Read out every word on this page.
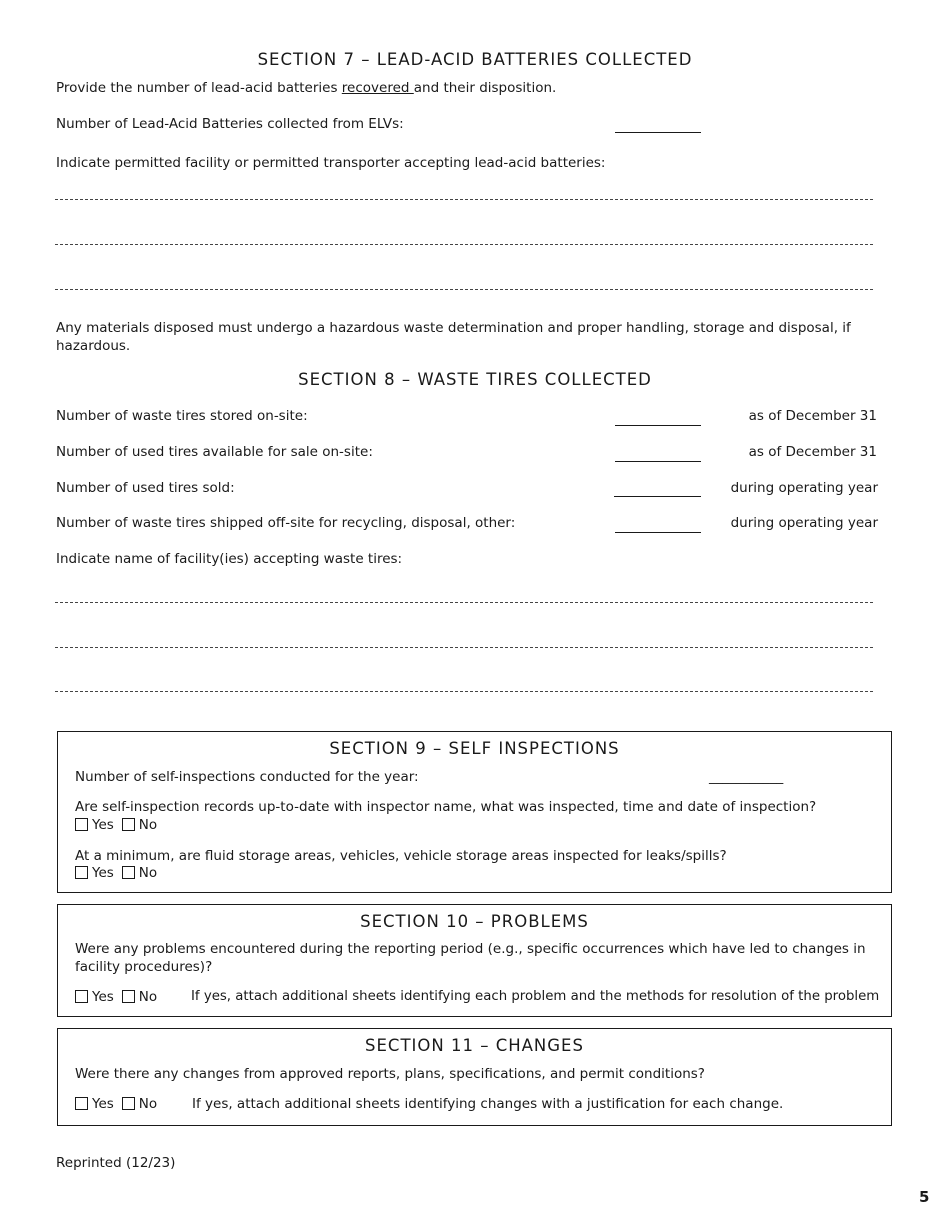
SECTION 7 – LEAD-ACID BATTERIES COLLECTED
Provide the number of lead-acid batteries recovered and their disposition.
Number of Lead-Acid Batteries collected from ELVs:
Indicate permitted facility or permitted transporter accepting lead-acid batteries:
Any materials disposed must undergo a hazardous waste determination and proper handling, storage and disposal, if hazardous.
SECTION 8 – WASTE TIRES COLLECTED
Number of waste tires stored on-site:	as of December 31
Number of used tires available for sale on-site:	as of December 31
Number of used tires sold:	during operating year
Number of waste tires shipped off-site for recycling, disposal, other:	during operating year
Indicate name of facility(ies) accepting waste tires:
SECTION 9 – SELF INSPECTIONS
Number of self-inspections conducted for the year:	___________
Are self-inspection records up-to-date with inspector name, what was inspected, time and date of inspection?
Yes No
At a minimum, are fluid storage areas, vehicles, vehicle storage areas inspected for leaks/spills?
Yes No
SECTION 10 – PROBLEMS
Were any problems encountered during the reporting period (e.g., specific occurrences which have led to changes in
facility procedures)?
Yes No	If yes, attach additional sheets identifying each problem and the methods for resolution of the problem
SECTION 11 – CHANGES
Were there any changes from approved reports, plans, specifications, and permit conditions?
Yes No	If yes, attach additional sheets identifying changes with a justification for each change.
Reprinted (12/23)
5
